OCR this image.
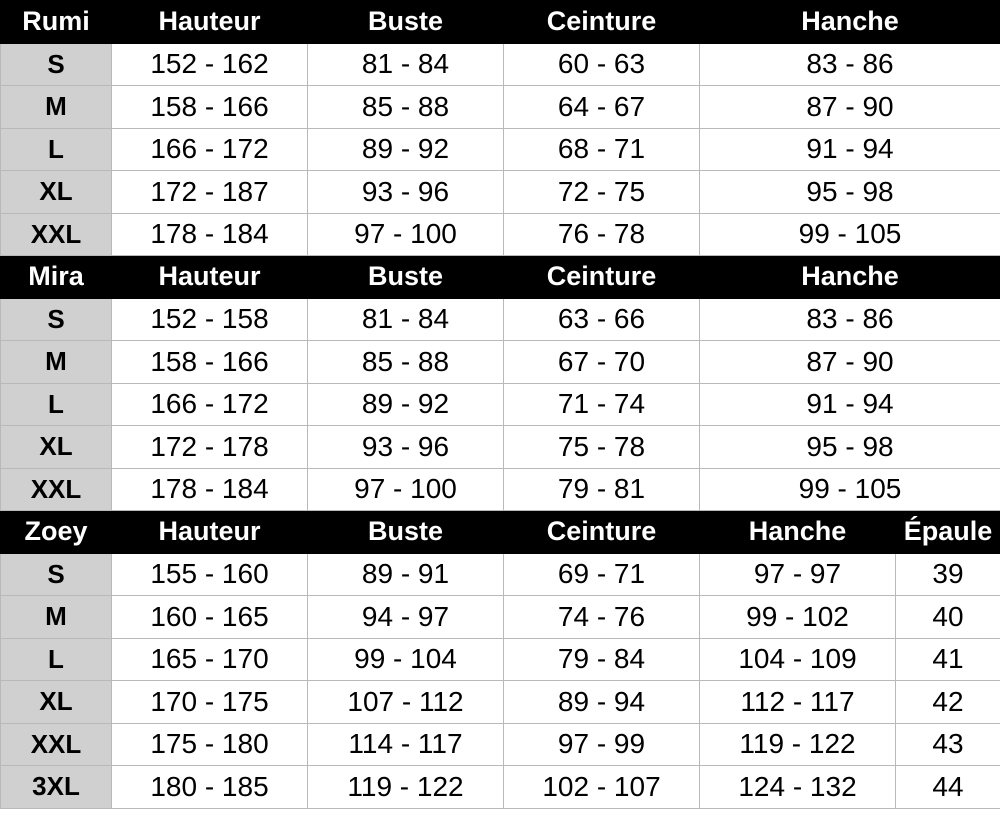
Rumi	Hauteur	Buste	Ceinture	Hanche	
S	152 - 162	81 - 84	60 - 63	83 - 86	
M	158 - 166	85 - 88	64 - 67	87 - 90	
L	166 - 172	89 - 92	68 - 71	91 - 94	
XL	172 - 187	93 - 96	72 - 75	95 - 98	
XXL	178 - 184	97 - 100	76 - 78	99 - 105	
Mira	Hauteur	Buste	Ceinture	Hanche	
S	152 - 158	81 - 84	63 - 66	83 - 86	
M	158 - 166	85 - 88	67 - 70	87 - 90	
L	166 - 172	89 - 92	71 - 74	91 - 94	
XL	172 - 178	93 - 96	75 - 78	95 - 98	
XXL	178 - 184	97 - 100	79 - 81	99 - 105	
Zoey	Hauteur	Buste	Ceinture	Hanche	Épaule
S	155 - 160	89 - 91	69 - 71	97 - 97	39
M	160 - 165	94 - 97	74 - 76	99 - 102	40
L	165 - 170	99 - 104	79 - 84	104 - 109	41
XL	170 - 175	107 - 112	89 - 94	112 - 117	42
XXL	175 - 180	114 - 117	97 - 99	119 - 122	43
3XL	180 - 185	119 - 122	102 - 107	124 - 132	44
